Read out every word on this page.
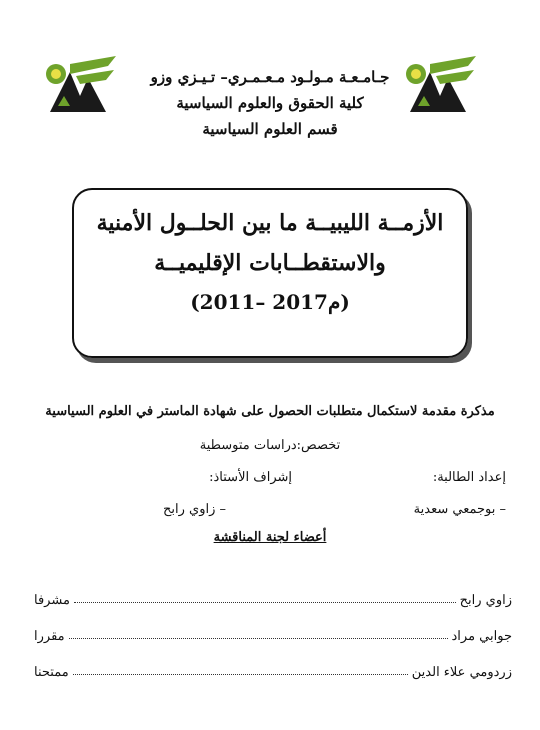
جـامـعـة مـولـود مـعـمـري– تـيـزي وزو
كلية الحقوق والعلوم السياسية
قسم العلوم السياسية
الأزمــة الليبيــة ما بين الحلــول الأمنية
والاستقطــابات الإقليميــة
(2011– 2017م)
مذكرة مقدمة لاستكمال متطلبات الحصول على شهادة الماستر في العلوم السياسية
تخصص:دراسات متوسطية
إعداد الطالبة:
إشراف الأستاذ:
– بوجمعي سعدية
– زاوي رابح
أعضاء لجنة المناقشة
زاوي رابح
مشرفا
جوابي مراد
مقررا
زردومي علاء الدين
ممتحنا
